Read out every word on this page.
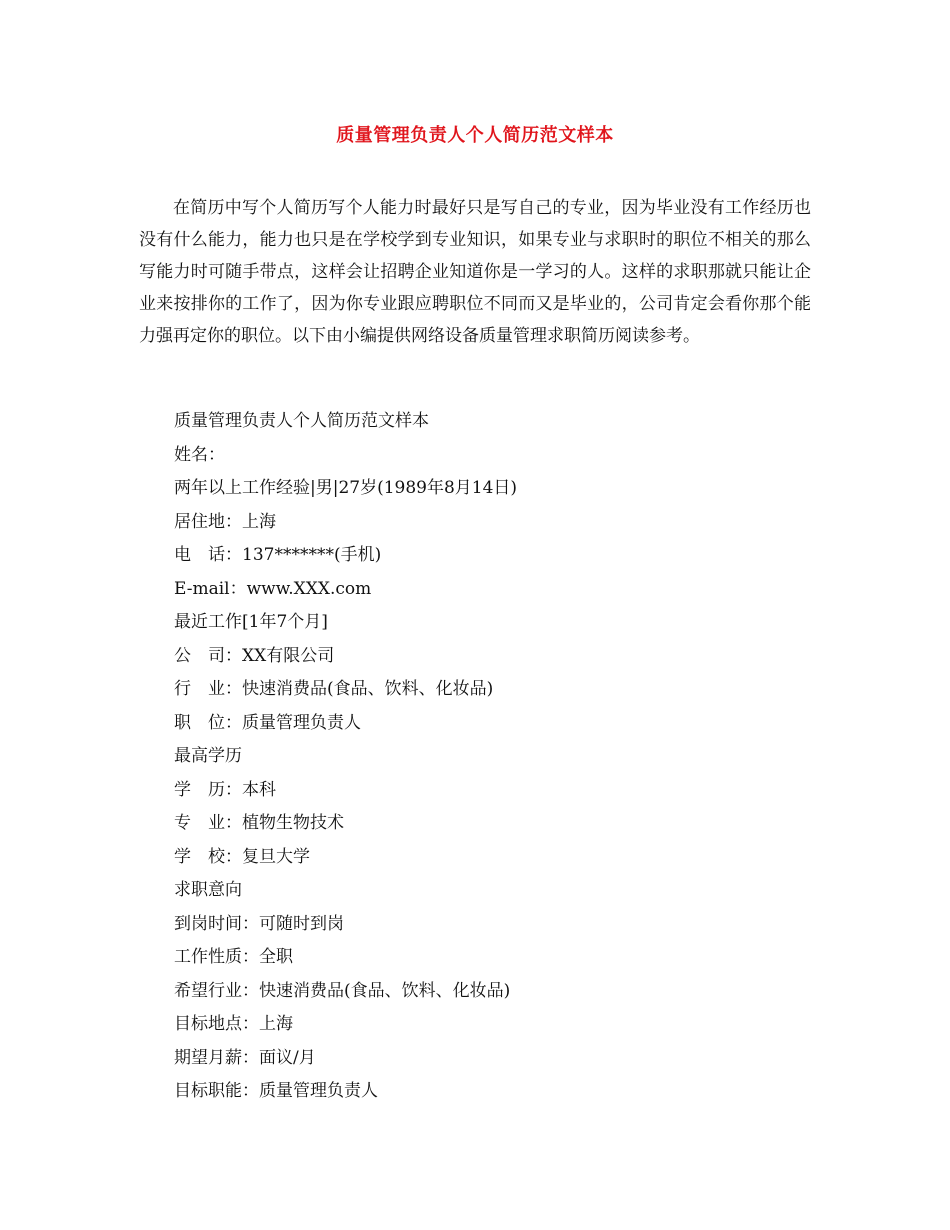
质量管理负责人个人简历范文样本

在简历中写个人简历写个人能力时最好只是写自己的专业，因为毕业没有工作经历也没有什么能力，能力也只是在学校学到专业知识，如果专业与求职时的职位不相关的那么写能力时可随手带点，这样会让招聘企业知道你是一学习的人。这样的求职那就只能让企业来按排你的工作了，因为你专业跟应聘职位不同而又是毕业的，公司肯定会看你那个能力强再定你的职位。以下由小编提供网络设备质量管理求职简历阅读参考。

质量管理负责人个人简历范文样本
姓名：
两年以上工作经验|男|27岁(1989年8月14日)
居住地：上海
电　话：137*******(手机)
E-mail：www.XXX.com
最近工作[1年7个月]
公　司：XX有限公司
行　业：快速消费品(食品、饮料、化妆品)
职　位：质量管理负责人
最高学历
学　历：本科
专　业：植物生物技术
学　校：复旦大学
求职意向
到岗时间：可随时到岗
工作性质：全职
希望行业：快速消费品(食品、饮料、化妆品)
目标地点：上海
期望月薪：面议/月
目标职能：质量管理负责人
